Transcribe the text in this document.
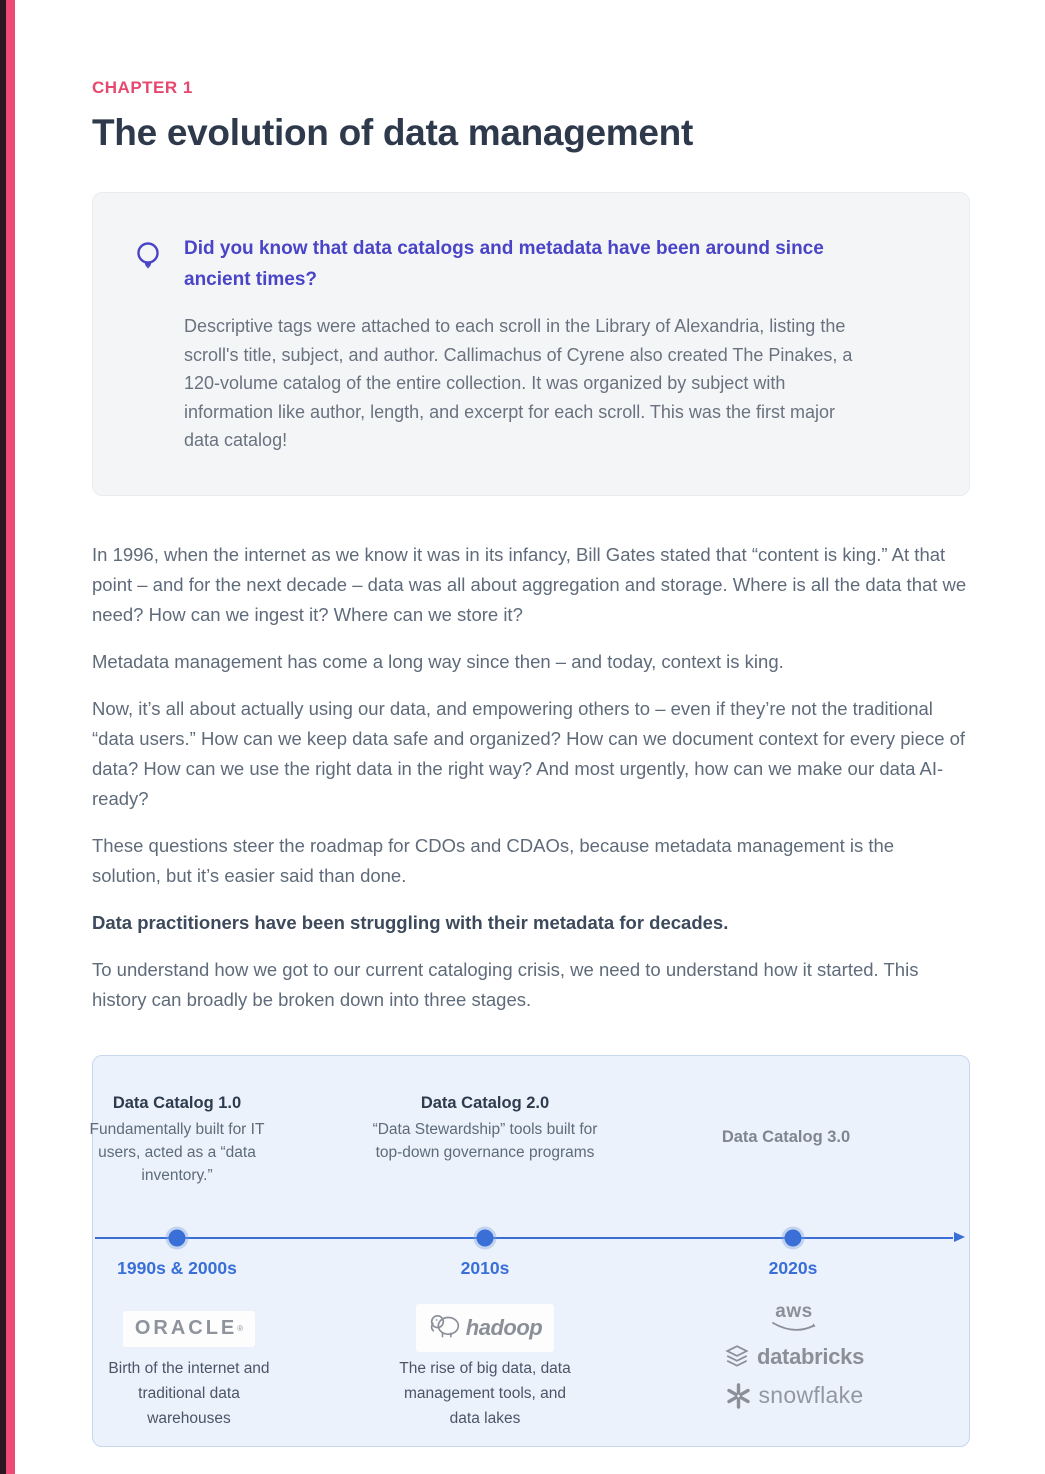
CHAPTER 1
The evolution of data management
Did you know that data catalogs and metadata have been around since ancient times?
Descriptive tags were attached to each scroll in the Library of Alexandria, listing the scroll's title, subject, and author. Callimachus of Cyrene also created The Pinakes, a 120-volume catalog of the entire collection. It was organized by subject with information like author, length, and excerpt for each scroll. This was the first major data catalog!

In 1996, when the internet as we know it was in its infancy, Bill Gates stated that “content is king.” At that point – and for the next decade – data was all about aggregation and storage. Where is all the data that we need? How can we ingest it? Where can we store it?

Metadata management has come a long way since then – and today, context is king.

Now, it’s all about actually using our data, and empowering others to – even if they’re not the traditional “data users.” How can we keep data safe and organized? How can we document context for every piece of data? How can we use the right data in the right way? And most urgently, how can we make our data AI-ready?

These questions steer the roadmap for CDOs and CDAOs, because metadata management is the solution, but it’s easier said than done.

Data practitioners have been struggling with their metadata for decades.

To understand how we got to our current cataloging crisis, we need to understand how it started. This history can broadly be broken down into three stages.

Data Catalog 1.0
Fundamentally built for IT users, acted as a “data inventory.”
Data Catalog 2.0
“Data Stewardship” tools built for top-down governance programs
Data Catalog 3.0
1990s & 2000s	2010s	2020s
ORACLE ®	hadoop
aws
databricks
snowflake
Birth of the internet and traditional data warehouses
The rise of big data, data management tools, and data lakes
